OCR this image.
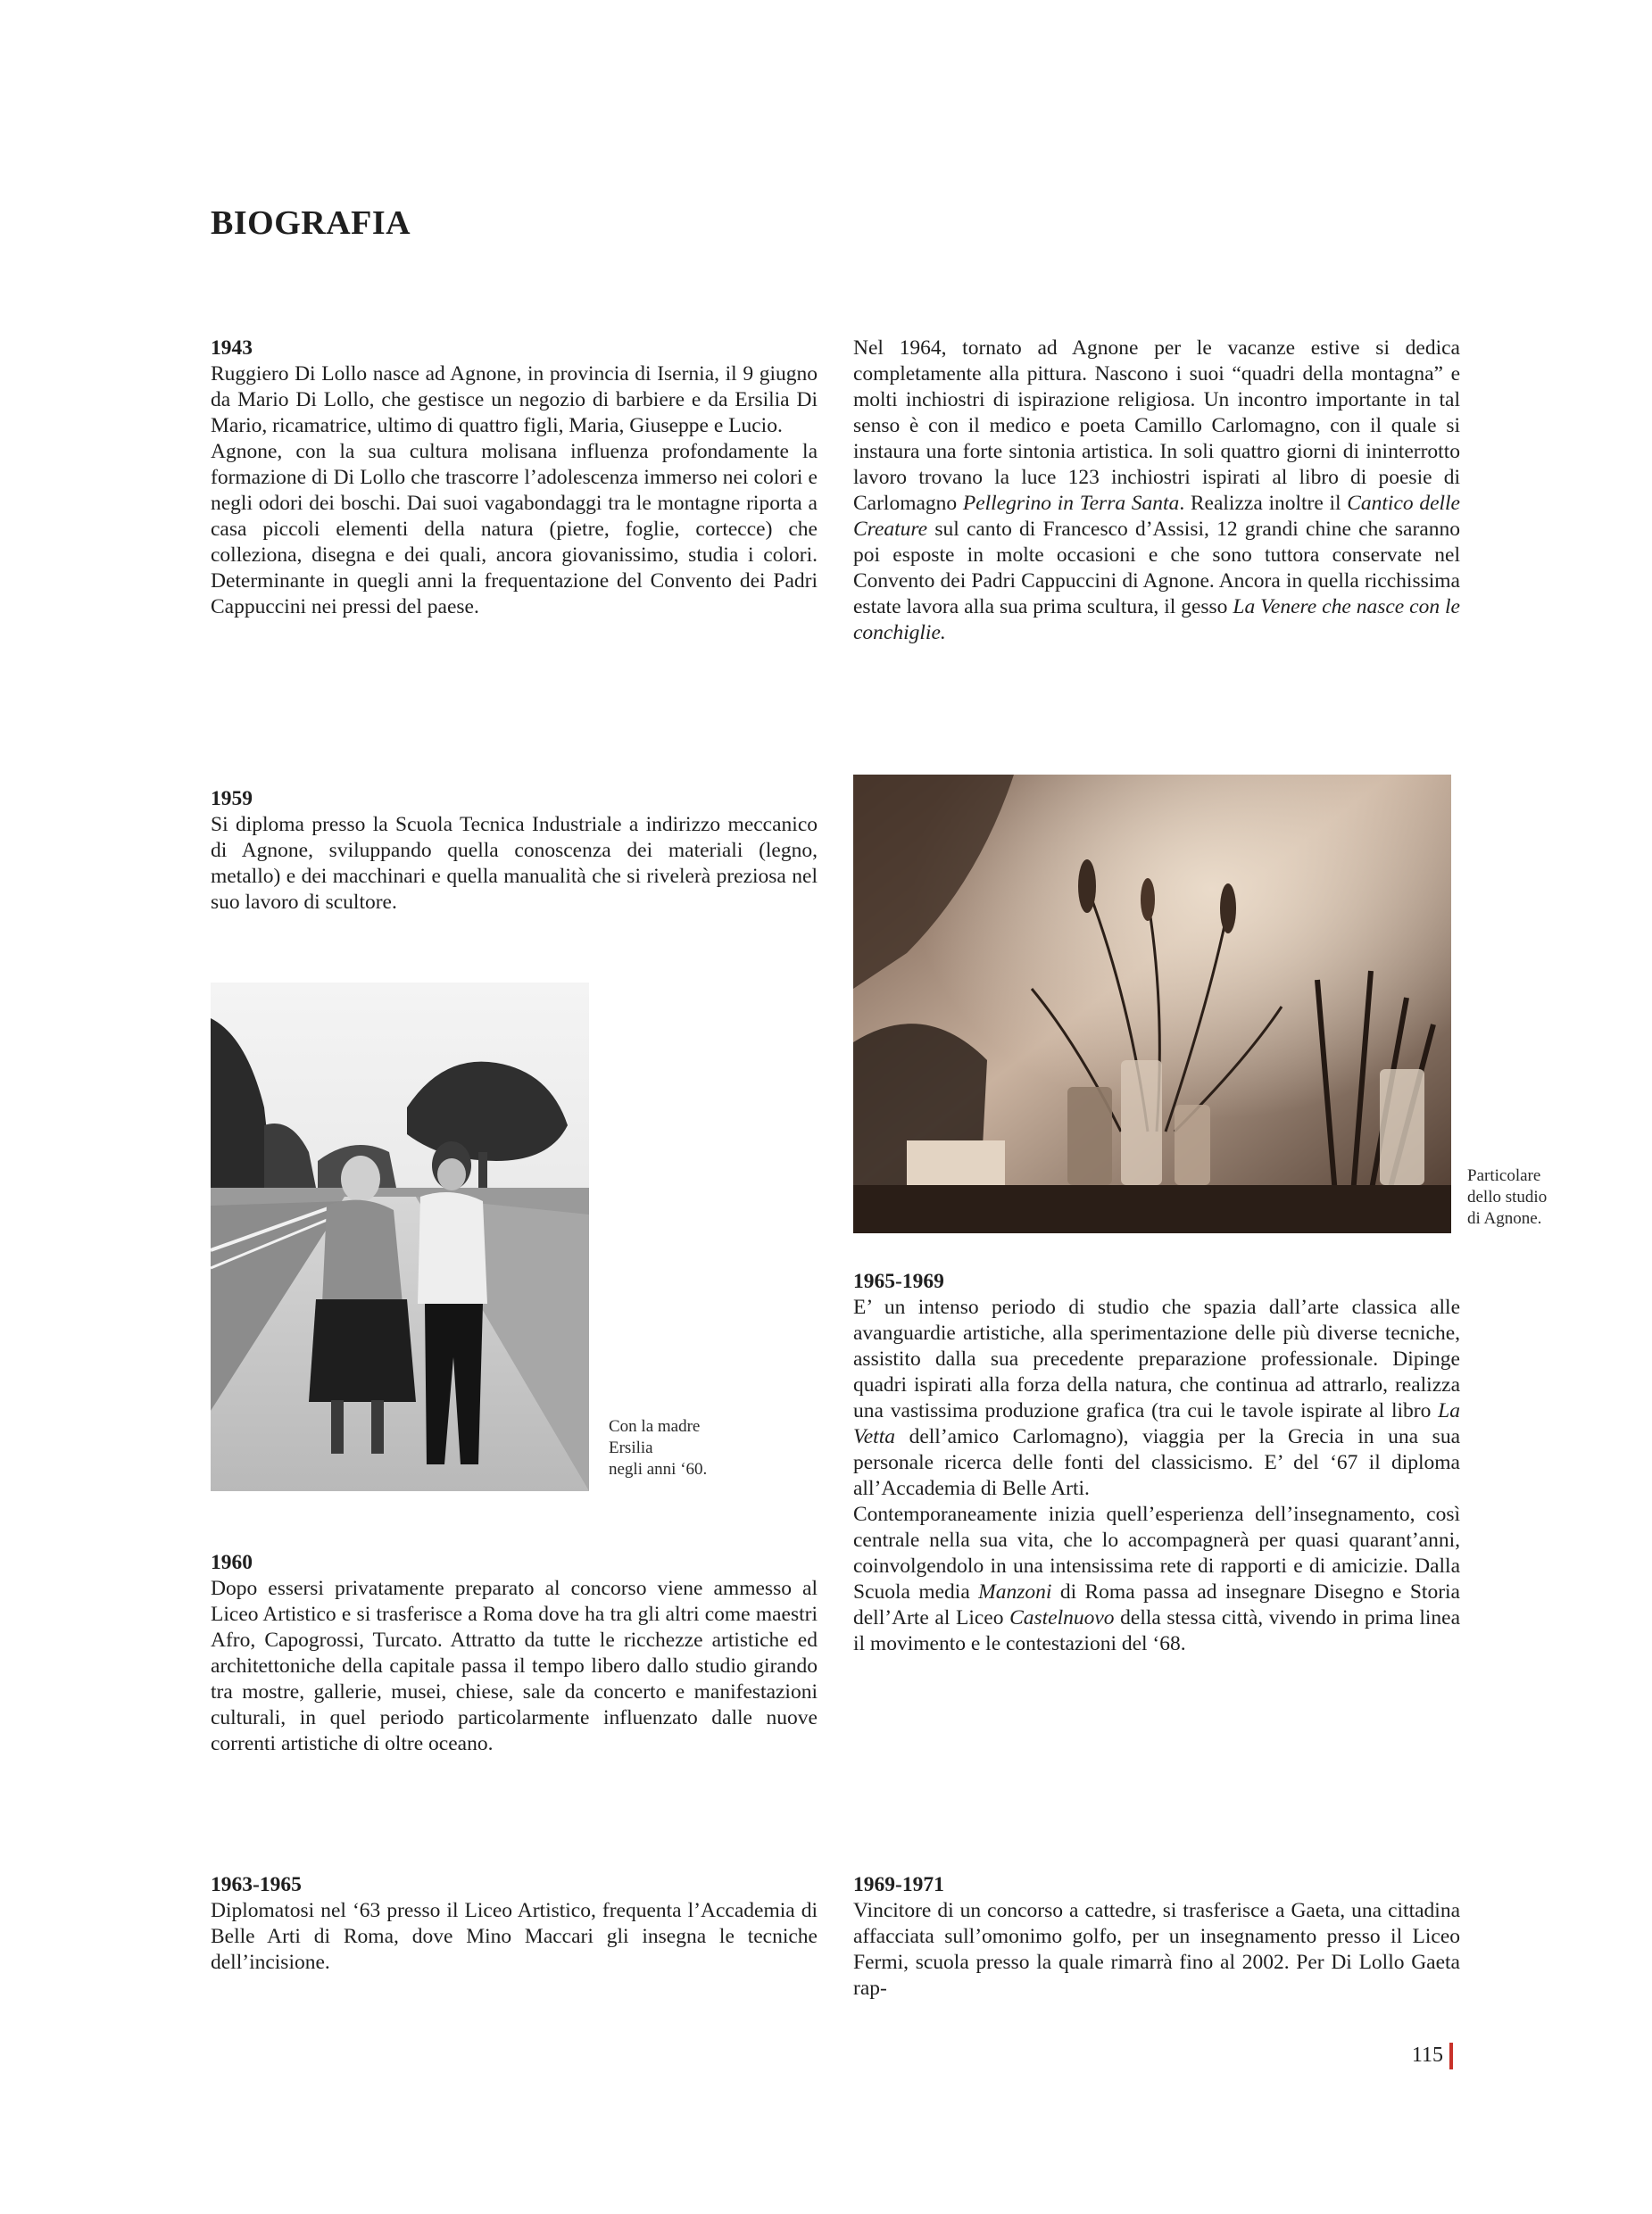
BIOGRAFIA

1943

Ruggiero Di Lollo nasce ad Agnone, in provincia di Isernia, il 9 giugno da Mario Di Lollo, che gestisce un negozio di barbiere e da Ersilia Di Mario, ricamatrice, ultimo di quattro figli, Maria, Giuseppe e Lucio.

Agnone, con la sua cultura molisana influenza profondamente la formazione di Di Lollo che trascorre l’adolescenza immerso nei colori e negli odori dei boschi. Dai suoi vagabondaggi tra le montagne riporta a casa piccoli elementi della natura (pietre, foglie, cortecce) che colleziona, disegna e dei quali, ancora giovanissimo, studia i colori. Determinante in quegli anni la frequentazione del Convento dei Padri Cappuccini nei pressi del paese.

1959

Si diploma presso la Scuola Tecnica Industriale a indirizzo meccanico di Agnone, sviluppando quella conoscenza dei materiali (legno, metallo) e dei macchinari e quella manualità che si rivelerà preziosa nel suo lavoro di scultore.

Con la madre
Ersilia
negli anni ‘60.

1960

Dopo essersi privatamente preparato al concorso viene ammesso al Liceo Artistico e si trasferisce a Roma dove ha tra gli altri come maestri Afro, Capogrossi, Turcato. Attratto da tutte le ricchezze artistiche ed architettoniche della capitale passa il tempo libero dallo studio girando tra mostre, gallerie, musei, chiese, sale da concerto e manifestazioni culturali, in quel periodo particolarmente influenzato dalle nuove correnti artistiche di oltre oceano.

1963-1965

Diplomatosi nel ‘63 presso il Liceo Artistico, frequenta l’Accademia di Belle Arti di Roma, dove Mino Maccari gli insegna le tecniche dell’incisione.

Nel 1964, tornato ad Agnone per le vacanze estive si dedica completamente alla pittura. Nascono i suoi “quadri della montagna” e molti inchiostri di ispirazione religiosa. Un incontro importante in tal senso è con il medico e poeta Camillo Carlomagno, con il quale si instaura una forte sintonia artistica. In soli quattro giorni di ininterrotto lavoro trovano la luce 123 inchiostri ispirati al libro di poesie di Carlomagno Pellegrino in Terra Santa. Realizza inoltre il Cantico delle Creature sul canto di Francesco d’Assisi, 12 grandi chine che saranno poi esposte in molte occasioni e che sono tuttora conservate nel Convento dei Padri Cappuccini di Agnone. Ancora in quella ricchissima estate lavora alla sua prima scultura, il gesso La Venere che nasce con le conchiglie.

Particolare
dello studio
di Agnone.

1965-1969

E’ un intenso periodo di studio che spazia dall’arte classica alle avanguardie artistiche, alla sperimentazione delle più diverse tecniche, assistito dalla sua precedente preparazione professionale. Dipinge quadri ispirati alla forza della natura, che continua ad attrarlo, realizza una vastissima produzione grafica (tra cui le tavole ispirate al libro La Vetta dell’amico Carlomagno), viaggia per la Grecia in una sua personale ricerca delle fonti del classicismo. E’ del ‘67 il diploma all’Accademia di Belle Arti.

Contemporaneamente inizia quell’esperienza dell’insegnamento, così centrale nella sua vita, che lo accompagnerà per quasi quarant’anni, coinvolgendolo in una intensissima rete di rapporti e di amicizie. Dalla Scuola media Manzoni di Roma passa ad insegnare Disegno e Storia dell’Arte al Liceo Castelnuovo della stessa città, vivendo in prima linea il movimento e le contestazioni del ‘68.

1969-1971

Vincitore di un concorso a cattedre, si trasferisce a Gaeta, una cittadina affacciata sull’omonimo golfo, per un insegnamento presso il Liceo Fermi, scuola presso la quale rimarrà fino al 2002. Per Di Lollo Gaeta rap-

115
